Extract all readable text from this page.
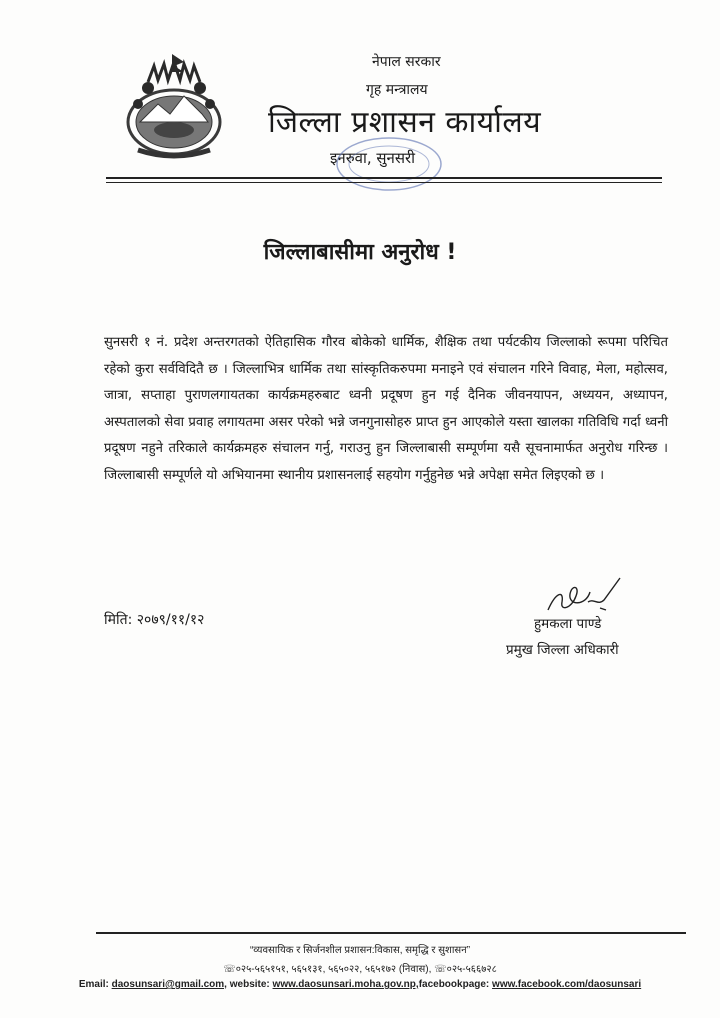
नेपाल सरकार
गृह मन्त्रालय
जिल्ला प्रशासन कार्यालय
इनरुवा, सुनसरी
जिल्लाबासीमा अनुरोध !
सुनसरी १ नं. प्रदेश अन्तरगतको ऐतिहासिक गौरव बोकेको धार्मिक, शैक्षिक तथा पर्यटकीय जिल्लाको रूपमा परिचित रहेको कुरा सर्वविदितै छ । जिल्लाभित्र धार्मिक तथा सांस्कृतिकरुपमा मनाइने एवं संचालन गरिने विवाह, मेला, महोत्सव, जात्रा, सप्ताहा पुराणलगायतका कार्यक्रमहरुबाट ध्वनी प्रदूषण हुन गई दैनिक जीवनयापन, अध्ययन, अध्यापन, अस्पतालको सेवा प्रवाह लगायतमा असर परेको भन्ने जनगुनासोहरु प्राप्त हुन आएकोले यस्ता खालका गतिविधि गर्दा ध्वनी प्रदूषण नहुने तरिकाले कार्यक्रमहरु संचालन गर्नु, गराउनु हुन जिल्लाबासी सम्पूर्णमा यसै सूचनामार्फत अनुरोध गरिन्छ । जिल्लाबासी सम्पूर्णले यो अभियानमा स्थानीय प्रशासनलाई सहयोग गर्नुहुनेछ भन्ने अपेक्षा समेत लिइएको छ ।
मिति: २०७९/११/१२	हुमकला पाण्डे
प्रमुख जिल्ला अधिकारी
“व्यवसायिक र सिर्जनशील प्रशासन:विकास, समृद्धि र सुशासन”
☏०२५-५६५१५१, ५६५१३१, ५६५०२२, ५६५१७२ (निवास), ☏०२५-५६६७२८
Email: daosunsari@gmail.com, website: www.daosunsari.moha.gov.np,facebookpage: www.facebook.com/daosunsari
